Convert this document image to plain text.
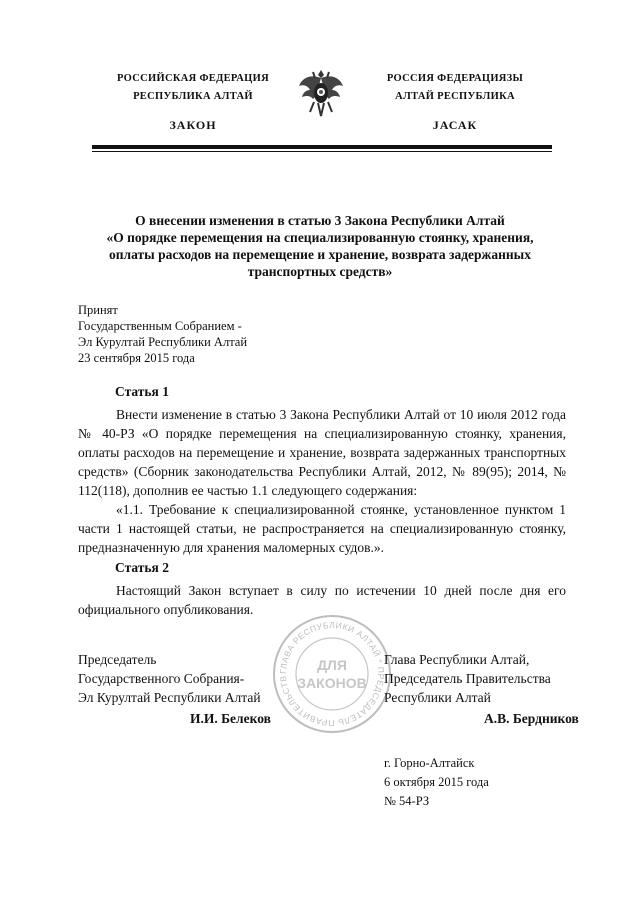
РОССИЙСКАЯ ФЕДЕРАЦИЯ
РЕСПУБЛИКА АЛТАЙ
ЗАКОН
РОССИЯ ФЕДЕРАЦИЯЗЫ
АЛТАЙ РЕСПУБЛИКА
ЈАСАК
О внесении изменения в статью 3 Закона Республики Алтай
«О порядке перемещения на специализированную стоянку, хранения,
оплаты расходов на перемещение и хранение, возврата задержанных
транспортных средств»
Принят
Государственным Собранием -
Эл Курултай Республики Алтай
23 сентября 2015 года
Статья 1
Внести изменение в статью 3 Закона Республики Алтай от 10 июля 2012 года № 40-РЗ «О порядке перемещения на специализированную стоянку, хранения, оплаты расходов на перемещение и хранение, возврата задержанных транспортных средств» (Сборник законодательства Республики Алтай, 2012, № 89(95); 2014, № 112(118), дополнив ее частью 1.1 следующего содержания:
«1.1. Требование к специализированной стоянке, установленное пунктом 1 части 1 настоящей статьи, не распространяется на специализированную стоянку, предназначенную для хранения маломерных судов.».
Статья 2
Настоящий Закон вступает в силу по истечении 10 дней после дня его официального опубликования.
ГЛАВА РЕСПУБЛИКИ АЛТАЙ * ПРЕДСЕДАТЕЛЬ ПРАВИТЕЛЬСТВ
ДЛЯ
ЗАКОНОВ
Председатель
Государственного Собрания-
Эл Курултай Республики Алтай
И.И. Белеков
Глава Республики Алтай,
Председатель Правительства
Республики Алтай
А.В. Бердников
г. Горно-Алтайск
6 октября 2015 года
№ 54-РЗ
